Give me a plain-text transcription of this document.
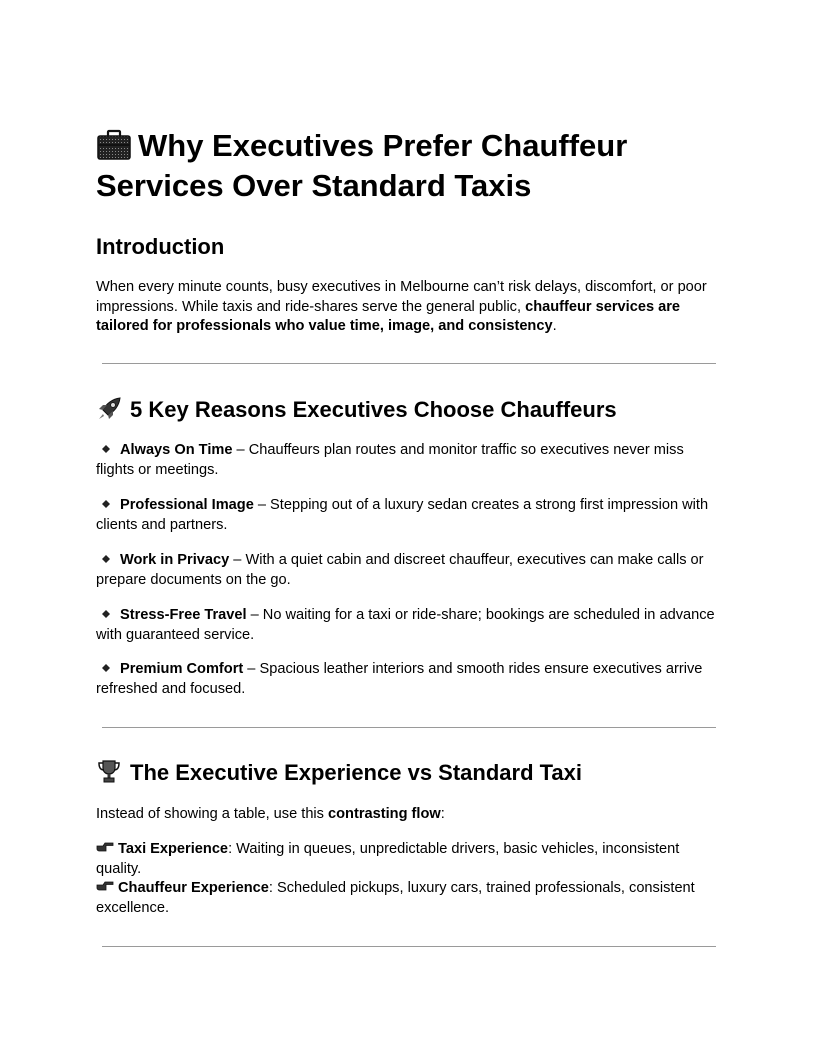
Why Executives Prefer Chauffeur Services Over Standard Taxis
Introduction

When every minute counts, busy executives in Melbourne can’t risk delays, discomfort, or poor impressions. While taxis and ride-shares serve the general public, chauffeur services are tailored for professionals who value time, image, and consistency.

5 Key Reasons Executives Choose Chauffeurs

Always On Time – Chauffeurs plan routes and monitor traffic so executives never miss flights or meetings.

Professional Image – Stepping out of a luxury sedan creates a strong first impression with clients and partners.

Work in Privacy – With a quiet cabin and discreet chauffeur, executives can make calls or prepare documents on the go.

Stress-Free Travel – No waiting for a taxi or ride-share; bookings are scheduled in advance with guaranteed service.

Premium Comfort – Spacious leather interiors and smooth rides ensure executives arrive refreshed and focused.

The Executive Experience vs Standard Taxi

Instead of showing a table, use this contrasting flow:

Taxi Experience: Waiting in queues, unpredictable drivers, basic vehicles, inconsistent quality.
Chauffeur Experience: Scheduled pickups, luxury cars, trained professionals, consistent excellence.
